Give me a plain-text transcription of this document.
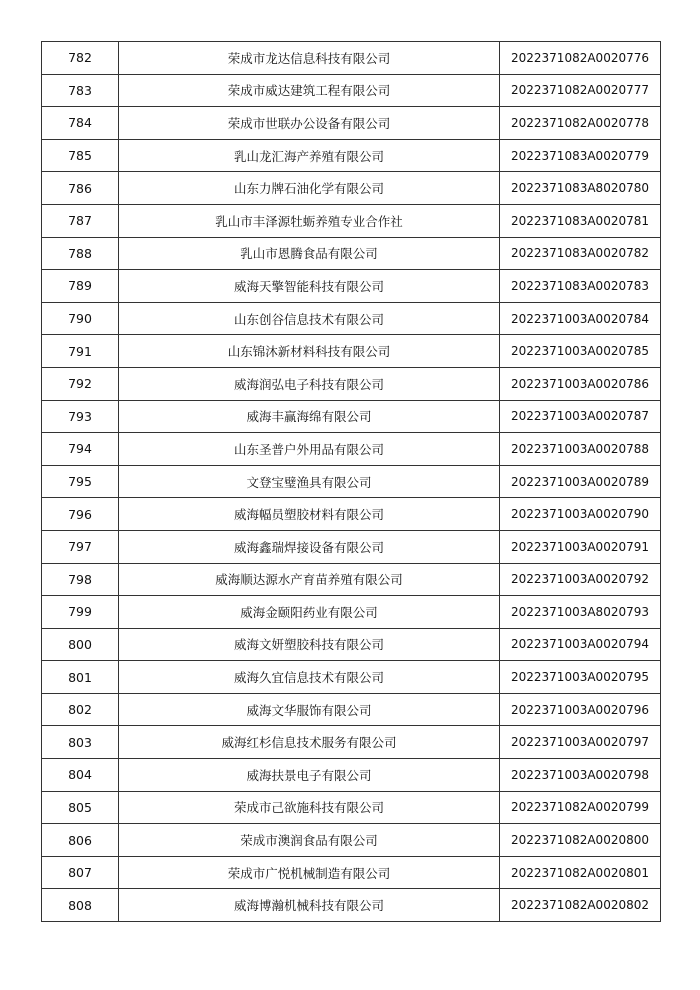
782	荣成市龙达信息科技有限公司	2022371082A0020776
783	荣成市威达建筑工程有限公司	2022371082A0020777
784	荣成市世联办公设备有限公司	2022371082A0020778
785	乳山龙汇海产养殖有限公司	2022371083A0020779
786	山东力牌石油化学有限公司	2022371083A8020780
787	乳山市丰泽源牡蛎养殖专业合作社	2022371083A0020781
788	乳山市恩腾食品有限公司	2022371083A0020782
789	威海天擎智能科技有限公司	2022371083A0020783
790	山东创谷信息技术有限公司	2022371003A0020784
791	山东锦沐新材料科技有限公司	2022371003A0020785
792	威海润弘电子科技有限公司	2022371003A0020786
793	威海丰赢海绵有限公司	2022371003A0020787
794	山东圣普户外用品有限公司	2022371003A0020788
795	文登宝璧渔具有限公司	2022371003A0020789
796	威海幅员塑胶材料有限公司	2022371003A0020790
797	威海鑫瑞焊接设备有限公司	2022371003A0020791
798	威海顺达源水产育苗养殖有限公司	2022371003A0020792
799	威海金颐阳药业有限公司	2022371003A8020793
800	威海文妍塑胶科技有限公司	2022371003A0020794
801	威海久宜信息技术有限公司	2022371003A0020795
802	威海文华服饰有限公司	2022371003A0020796
803	威海红杉信息技术服务有限公司	2022371003A0020797
804	威海扶景电子有限公司	2022371003A0020798
805	荣成市己欲施科技有限公司	2022371082A0020799
806	荣成市澳润食品有限公司	2022371082A0020800
807	荣成市广悦机械制造有限公司	2022371082A0020801
808	威海博瀚机械科技有限公司	2022371082A0020802
